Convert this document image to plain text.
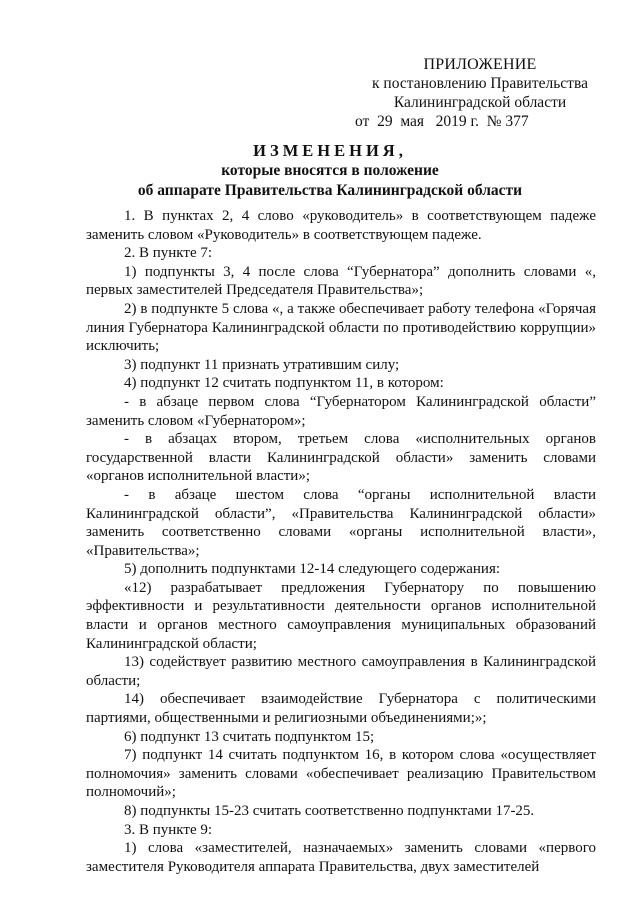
ПРИЛОЖЕНИЕ
к постановлению Правительства
Калининградской области
от  29  мая   2019 г.  № 377
ИЗМЕНЕНИЯ,
которые вносятся в положение
об аппарате Правительства Калининградской области

1. В пунктах 2, 4 слово «руководитель» в соответствующем падеже заменить словом «Руководитель» в соответствующем падеже.

2. В пункте 7:

1) подпункты 3, 4 после слова “Губернатора” дополнить словами «, первых заместителей Председателя Правительства»;

2) в подпункте 5 слова «, а также обеспечивает работу телефона «Горячая линия Губернатора Калининградской области по противодействию коррупции» исключить;

3) подпункт 11 признать утратившим силу;

4) подпункт 12 считать подпунктом 11, в котором:

- в абзаце первом слова “Губернатором Калининградской области” заменить словом «Губернатором»;

- в абзацах втором, третьем слова «исполнительных органов государственной власти Калининградской области» заменить словами «органов исполнительной власти»;

- в абзаце шестом слова “органы исполнительной власти Калининградской области”, «Правительства Калининградской области» заменить соответственно словами «органы исполнительной власти», «Правительства»;

5) дополнить подпунктами 12-14 следующего содержания:

«12) разрабатывает предложения Губернатору по повышению эффективности и результативности деятельности органов исполнительной власти и органов местного самоуправления муниципальных образований Калининградской области;

13) содействует развитию местного самоуправления в Калининградской области;

14) обеспечивает взаимодействие Губернатора с политическими партиями, общественными и религиозными объединениями;»;

6) подпункт 13 считать подпунктом 15;

7) подпункт 14 считать подпунктом 16, в котором слова «осуществляет полномочия» заменить словами «обеспечивает реализацию Правительством полномочий»;

8) подпункты 15-23 считать соответственно подпунктами 17-25.

3. В пункте 9:

1) слова «заместителей, назначаемых» заменить словами «первого заместителя Руководителя аппарата Правительства, двух заместителей
